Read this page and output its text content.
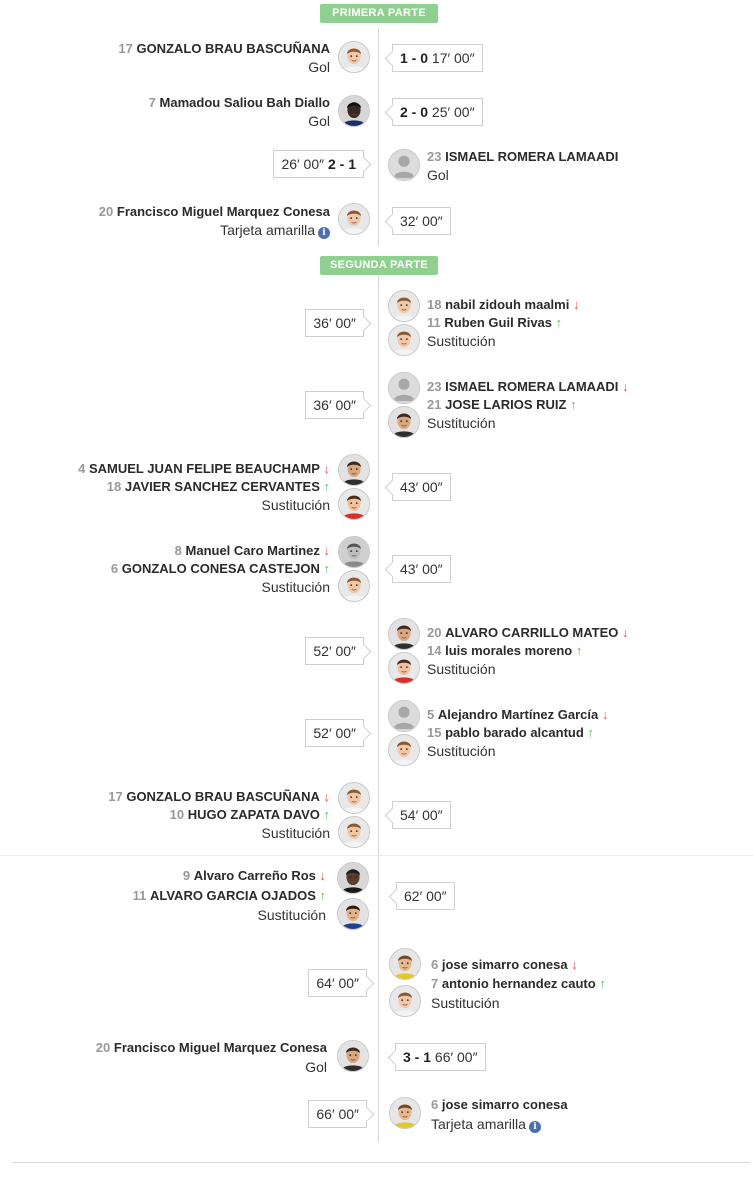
PRIMERA PARTE
SEGUNDA PARTE
17 GONZALO BRAU BASCUÑANA
Gol
1 - 0 17′ 00″
7 Mamadou Saliou Bah Diallo
Gol
2 - 0 25′ 00″
26′ 00″ 2 - 1	23 ISMAEL ROMERA LAMAADI
Gol
20 Francisco Miguel Marquez Conesa
Tarjeta amarilla i
32′ 00″
36′ 00″
18 nabil zidouh maalmi ↓
11 Ruben Guil Rivas ↑
Sustitución
36′ 00″
23 ISMAEL ROMERA LAMAADI ↓
21 JOSE LARIOS RUIZ ↑
Sustitución
4 SAMUEL JUAN FELIPE BEAUCHAMP ↓
18 JAVIER SANCHEZ CERVANTES ↑
Sustitución
43′ 00″
8 Manuel Caro Martinez ↓
6 GONZALO CONESA CASTEJON ↑
Sustitución
43′ 00″
52′ 00″
20 ALVARO CARRILLO MATEO ↓
14 luis morales moreno ↑
Sustitución
52′ 00″
5 Alejandro Martínez García ↓
15 pablo barado alcantud ↑
Sustitución
17 GONZALO BRAU BASCUÑANA ↓
10 HUGO ZAPATA DAVO ↑
Sustitución
54′ 00″
9 Alvaro Carreño Ros ↓
11 ALVARO GARCIA OJADOS ↑
Sustitución
62′ 00″
64′ 00″
6 jose simarro conesa ↓
7 antonio hernandez cauto ↑
Sustitución
20 Francisco Miguel Marquez Conesa
Gol
3 - 1 66′ 00″
66′ 00″
6 jose simarro conesa
Tarjeta amarilla i
